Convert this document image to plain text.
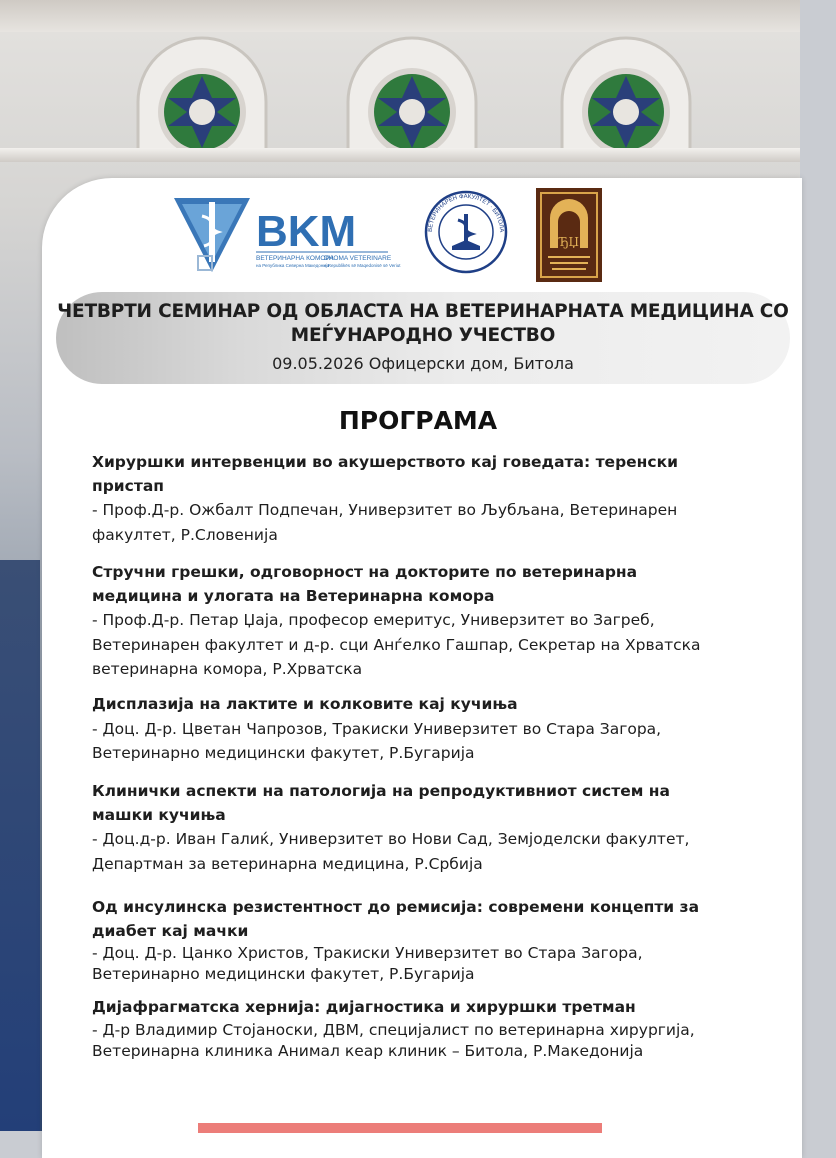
BKM
ВЕТЕРИНАРНА КОМОРА
на Република Северна Македонија
DHOMA VETERINARE
e Republikës së Maqedonisë së Veriut
ВЕТЕРИНАРЕН ФАКУЛТЕТ · БИТОЛА
ЂЏ
ЧЕТВРТИ СЕМИНАР ОД ОБЛАСТА НА ВЕТЕРИНАРНАТА МЕДИЦИНА СО
МЕЃУНАРОДНО УЧЕСТВО
09.05.2026 Офицерски дом, Битола
ПРОГРАМА
Хируршки интервенции во акушерството кај говедата: теренски
пристап
- Проф.Д-р. Ожбалт Подпечан, Универзитет во Љубљана, Ветеринарен
факултет, Р.Словенија
Стручни грешки, одговорност на докторите по ветеринарна
медицина и улогата на Ветеринарна комора
- Проф.Д-р. Петар Џаја, професор емеритус, Универзитет во Загреб,
Ветеринарен факултет и д-р. сци Анѓелко Гашпар, Секретар на Хрватска
ветеринарна комора, Р.Хрватска
Дисплазија на лактите и колковите кај кучиња
- Доц. Д-р. Цветан Чапрозов, Тракиски Универзитет во Стара Загора,
Ветеринарно медицински факутет, Р.Бугарија
Клинички аспекти на патологија на репродуктивниот систем на
машки кучиња
- Доц.д-р. Иван Галиќ, Универзитет во Нови Сад, Земјоделски факултет,
Департман за ветеринарна медицина, Р.Србија
Од инсулинска резистентност до ремисија: современи концепти за
диабет кај мачки
- Доц. Д-р. Цанко Христов, Тракиски Универзитет во Стара Загора,
Ветеринарно медицински факутет, Р.Бугарија
Дијафрагматска хернија: дијагностика и хируршки третман
- Д-р Владимир Стојаноски, ДВМ, специјалист по ветеринарна хирургија,
Ветеринарна клиника Анимал кеар клиник – Битола, Р.Македонија
